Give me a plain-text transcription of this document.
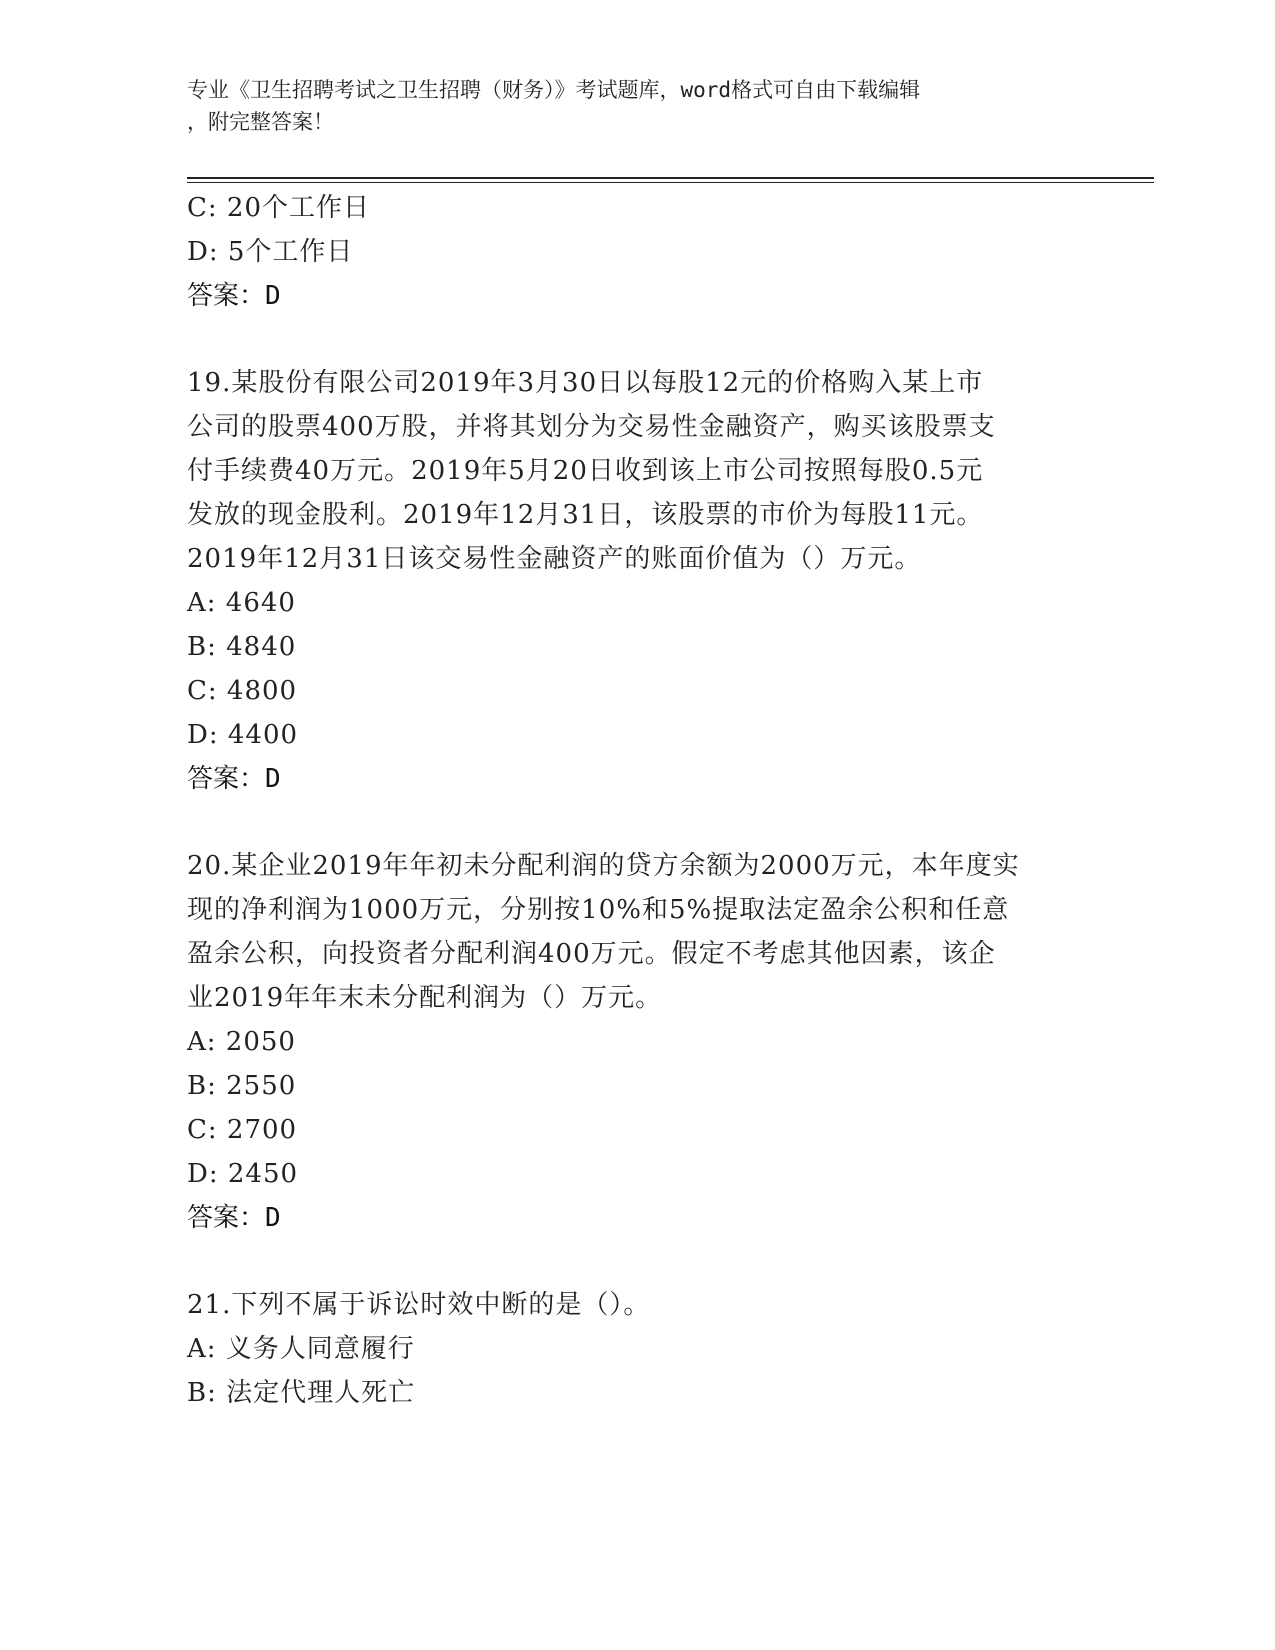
专业《卫生招聘考试之卫生招聘（财务）》考试题库，word格式可自由下载编辑
，附完整答案！
C: 20个工作日
D: 5个工作日
答案：D
19.某股份有限公司2019年3月30日以每股12元的价格购入某上市
公司的股票400万股，并将其划分为交易性金融资产，购买该股票支
付手续费40万元。2019年5月20日收到该上市公司按照每股0.5元
发放的现金股利。2019年12月31日，该股票的市价为每股11元。
2019年12月31日该交易性金融资产的账面价值为（）万元。
A: 4640
B: 4840
C: 4800
D: 4400
答案：D
20.某企业2019年年初未分配利润的贷方余额为2000万元，本年度实
现的净利润为1000万元，分别按10%和5%提取法定盈余公积和任意
盈余公积，向投资者分配利润400万元。假定不考虑其他因素，该企
业2019年年末未分配利润为（）万元。
A: 2050
B: 2550
C: 2700
D: 2450
答案：D
21.下列不属于诉讼时效中断的是（）。
A: 义务人同意履行
B: 法定代理人死亡
